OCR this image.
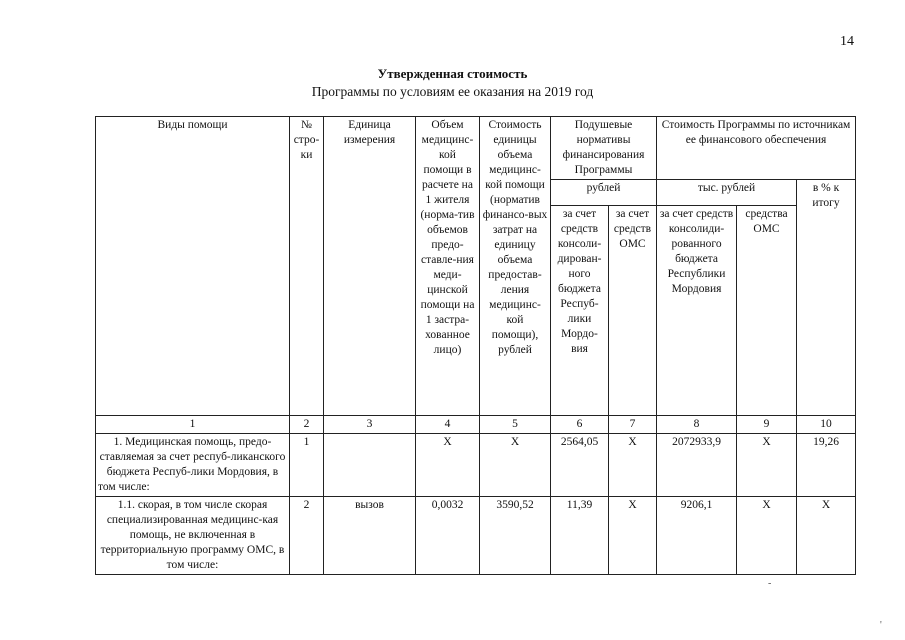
14
Утвержденная стоимость
Программы по условиям ее оказания на 2019 год
Виды помощи	№ стро-ки	Единица измерения	Объем медицинс-кой помощи в расчете на 1 жителя (норма-тив объемов предо-ставле-ния меди-цинской помощи на 1 застра-хованное лицо)	Стоимость единицы объема медицинс-кой помощи (норматив финансо-вых затрат на единицу объема предостав-ления медицинс-кой помощи), рублей	Подушевые нормативы финансирования Программы		Стоимость Программы по источникам ее финансового обеспечения		
					рублей		тыс. рублей		в % к итогу
					за счет средств консоли-дирован-ного бюджета Респуб-лики Мордо-вия	за счет средств ОМС	за счет средств консолиди-рованного бюджета Республики Мордовия	средства ОМС	
1	2	3	4	5	6	7	8	9	10
1. Медицинская помощь, предо-ставляемая за счет респуб-ликанского бюджета Респуб-лики Мордовия, в том числе:	1		Х	Х	2564,05	Х	2072933,9	Х	19,26
1.1. скорая, в том числе скорая специализированная медицинс-кая помощь, не включенная в территориальную программу ОМС, в том числе:	2	вызов	0,0032	3590,52	11,39	Х	9206,1	Х	Х
-
'
